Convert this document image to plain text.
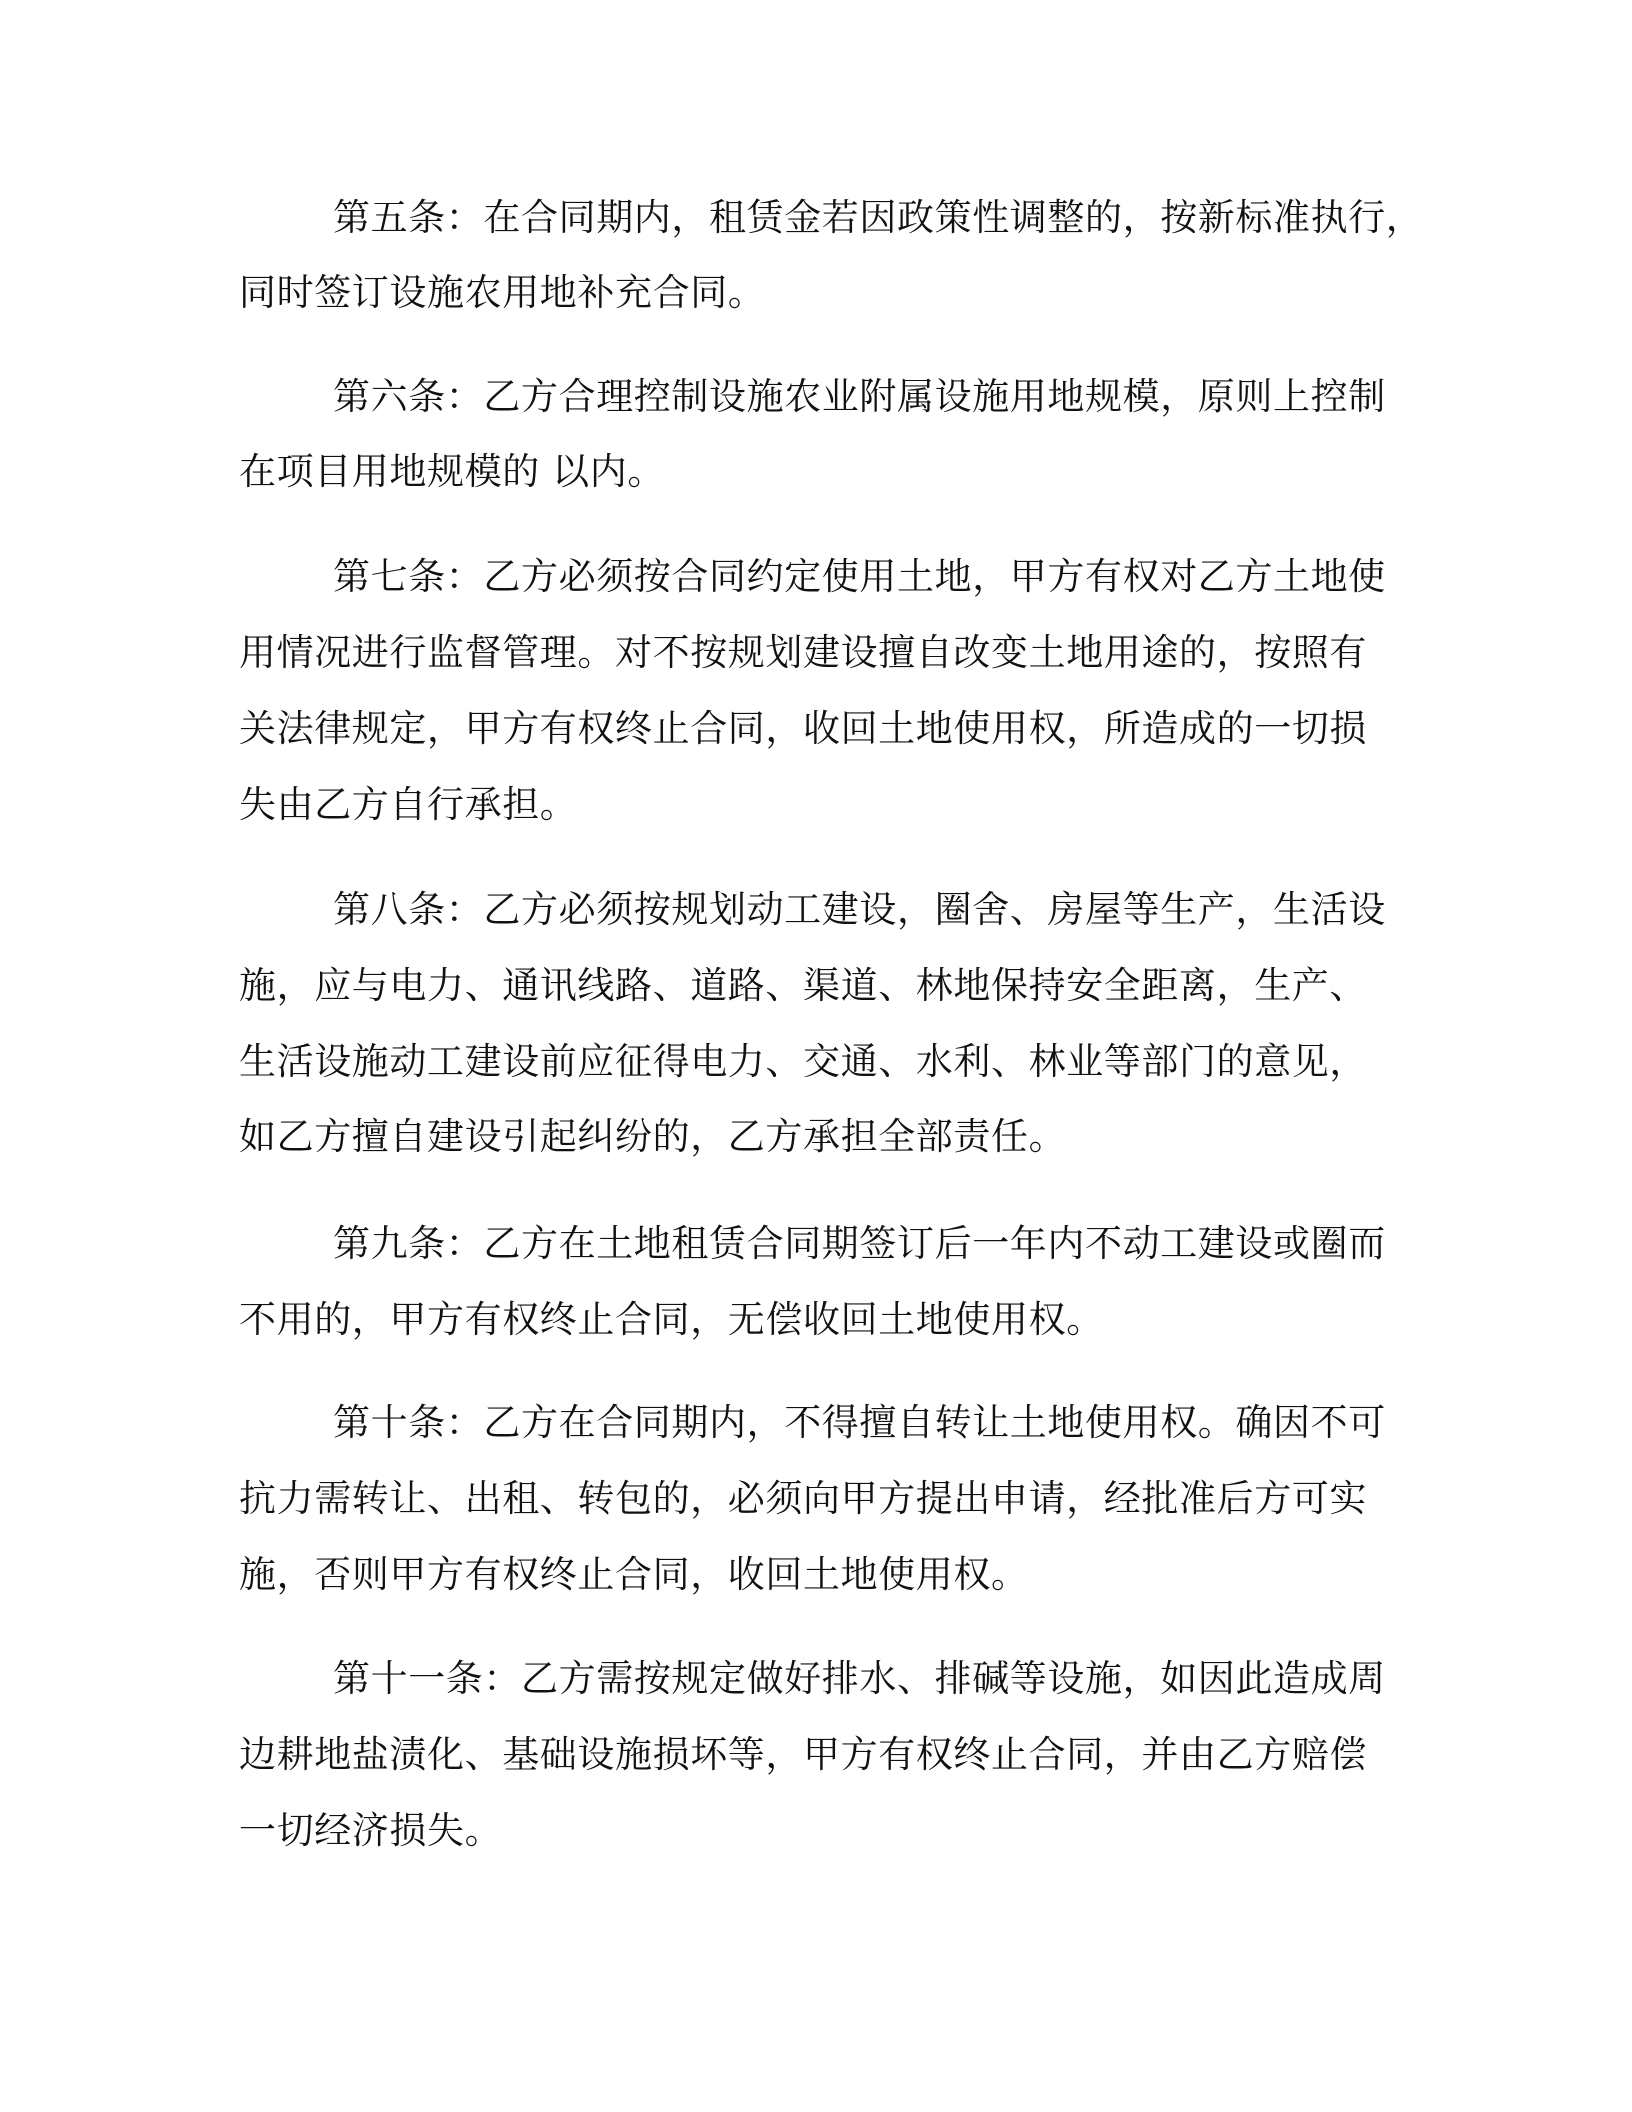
第五条：在合同期内，租赁金若因政策性调整的，按新标准执行，
同时签订设施农用地补充合同。
第六条：乙方合理控制设施农业附属设施用地规模，原则上控制
在项目用地规模的 以内。
第七条：乙方必须按合同约定使用土地，甲方有权对乙方土地使
用情况进行监督管理。对不按规划建设擅自改变土地用途的，按照有
关法律规定，甲方有权终止合同，收回土地使用权，所造成的一切损
失由乙方自行承担。
第八条：乙方必须按规划动工建设，圈舍、房屋等生产，生活设
施，应与电力、通讯线路、道路、渠道、林地保持安全距离，生产、
生活设施动工建设前应征得电力、交通、水利、林业等部门的意见，
如乙方擅自建设引起纠纷的，乙方承担全部责任。
第九条：乙方在土地租赁合同期签订后一年内不动工建设或圈而
不用的，甲方有权终止合同，无偿收回土地使用权。
第十条：乙方在合同期内，不得擅自转让土地使用权。确因不可
抗力需转让、出租、转包的，必须向甲方提出申请，经批准后方可实
施，否则甲方有权终止合同，收回土地使用权。
第十一条：乙方需按规定做好排水、排碱等设施，如因此造成周
边耕地盐渍化、基础设施损坏等，甲方有权终止合同，并由乙方赔偿
一切经济损失。
